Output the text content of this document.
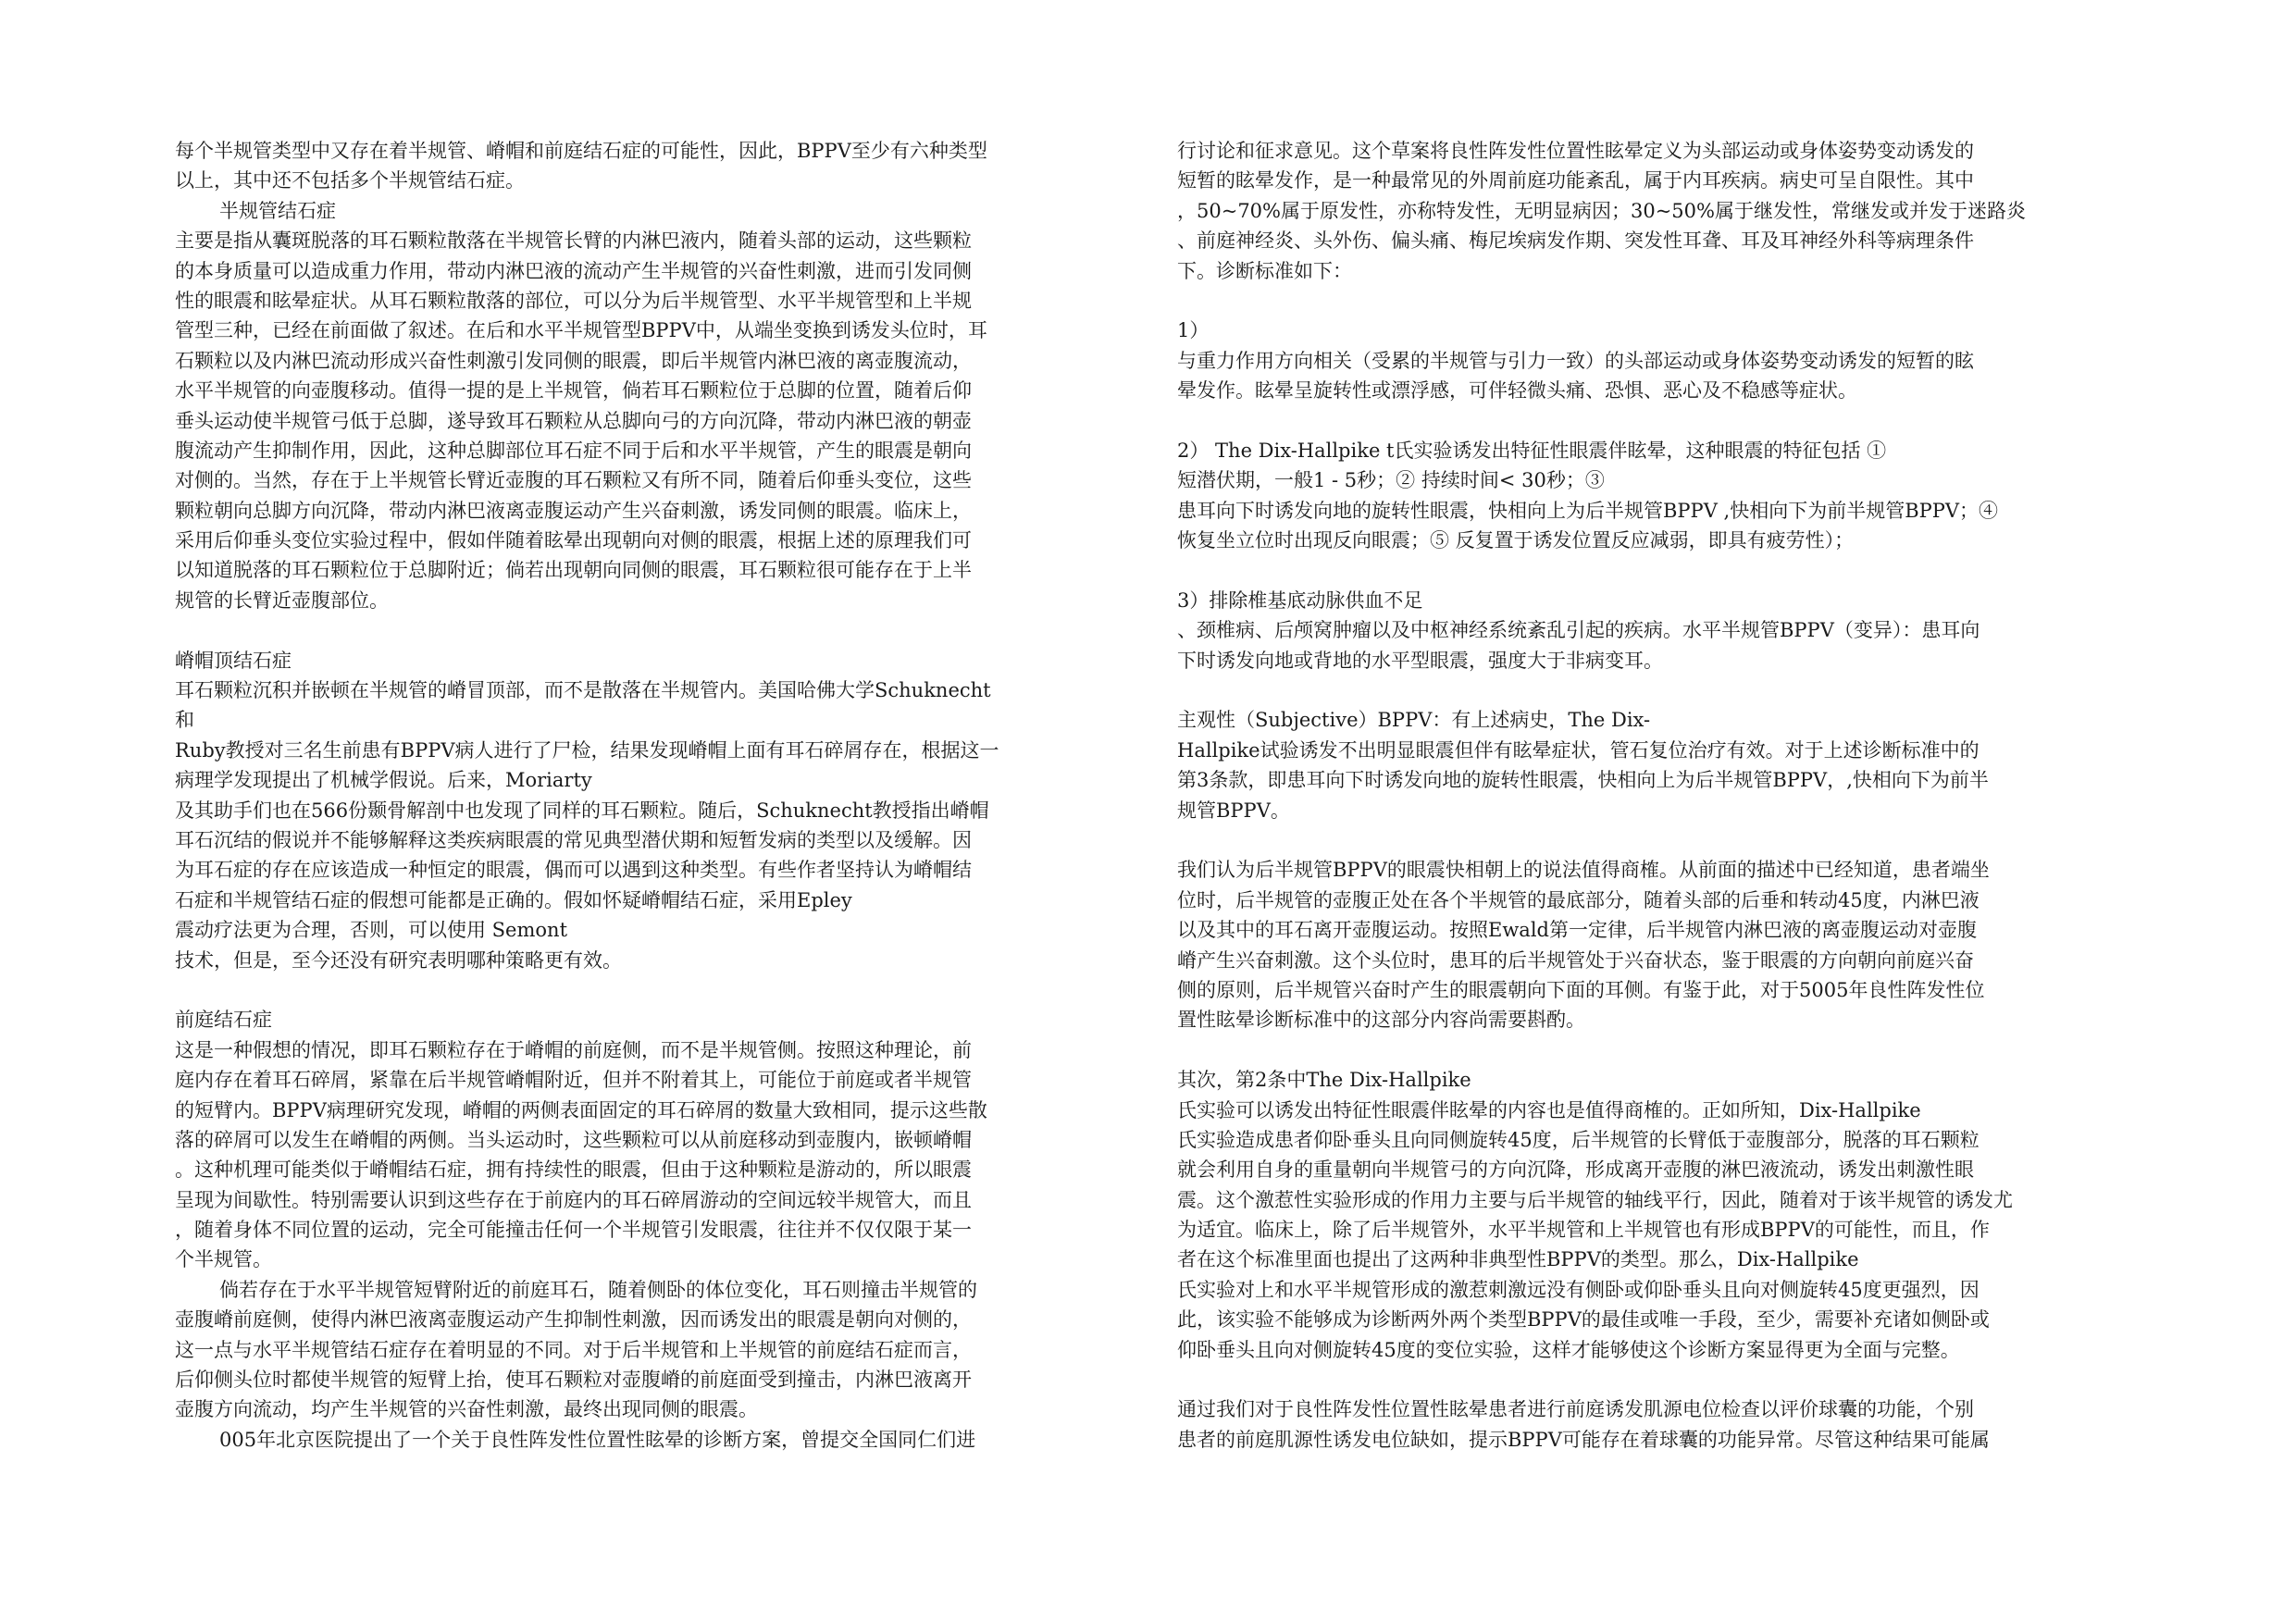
每个半规管类型中又存在着半规管、嵴帽和前庭结石症的可能性，因此，BPPV至少有六种类型
以上，其中还不包括多个半规管结石症。
半规管结石症
主要是指从囊斑脱落的耳石颗粒散落在半规管长臂的内淋巴液内，随着头部的运动，这些颗粒
的本身质量可以造成重力作用，带动内淋巴液的流动产生半规管的兴奋性刺激，进而引发同侧
性的眼震和眩晕症状。从耳石颗粒散落的部位，可以分为后半规管型、水平半规管型和上半规
管型三种，已经在前面做了叙述。在后和水平半规管型BPPV中，从端坐变换到诱发头位时，耳
石颗粒以及内淋巴流动形成兴奋性刺激引发同侧的眼震，即后半规管内淋巴液的离壶腹流动，
水平半规管的向壶腹移动。值得一提的是上半规管，倘若耳石颗粒位于总脚的位置，随着后仰
垂头运动使半规管弓低于总脚，遂导致耳石颗粒从总脚向弓的方向沉降，带动内淋巴液的朝壶
腹流动产生抑制作用，因此，这种总脚部位耳石症不同于后和水平半规管，产生的眼震是朝向
对侧的。当然，存在于上半规管长臂近壶腹的耳石颗粒又有所不同，随着后仰垂头变位，这些
颗粒朝向总脚方向沉降，带动内淋巴液离壶腹运动产生兴奋刺激，诱发同侧的眼震。临床上，
采用后仰垂头变位实验过程中，假如伴随着眩晕出现朝向对侧的眼震，根据上述的原理我们可
以知道脱落的耳石颗粒位于总脚附近；倘若出现朝向同侧的眼震，耳石颗粒很可能存在于上半
规管的长臂近壶腹部位。
嵴帽顶结石症
耳石颗粒沉积并嵌顿在半规管的嵴冒顶部，而不是散落在半规管内。美国哈佛大学Schuknecht
和
Ruby教授对三名生前患有BPPV病人进行了尸检，结果发现嵴帽上面有耳石碎屑存在，根据这一
病理学发现提出了机械学假说。后来，Moriarty
及其助手们也在566份颞骨解剖中也发现了同样的耳石颗粒。随后，Schuknecht教授指出嵴帽
耳石沉结的假说并不能够解释这类疾病眼震的常见典型潜伏期和短暂发病的类型以及缓解。因
为耳石症的存在应该造成一种恒定的眼震，偶而可以遇到这种类型。有些作者坚持认为嵴帽结
石症和半规管结石症的假想可能都是正确的。假如怀疑嵴帽结石症，采用Epley
震动疗法更为合理，否则，可以使用 Semont
技术，但是，至今还没有研究表明哪种策略更有效。
前庭结石症
这是一种假想的情况，即耳石颗粒存在于嵴帽的前庭侧，而不是半规管侧。按照这种理论，前
庭内存在着耳石碎屑，紧靠在后半规管嵴帽附近，但并不附着其上，可能位于前庭或者半规管
的短臂内。BPPV病理研究发现，嵴帽的两侧表面固定的耳石碎屑的数量大致相同，提示这些散
落的碎屑可以发生在嵴帽的两侧。当头运动时，这些颗粒可以从前庭移动到壶腹内，嵌顿嵴帽
。这种机理可能类似于嵴帽结石症，拥有持续性的眼震，但由于这种颗粒是游动的，所以眼震
呈现为间歇性。特别需要认识到这些存在于前庭内的耳石碎屑游动的空间远较半规管大，而且
，随着身体不同位置的运动，完全可能撞击任何一个半规管引发眼震，往往并不仅仅限于某一
个半规管。
倘若存在于水平半规管短臂附近的前庭耳石，随着侧卧的体位变化，耳石则撞击半规管的
壶腹嵴前庭侧，使得内淋巴液离壶腹运动产生抑制性刺激，因而诱发出的眼震是朝向对侧的，
这一点与水平半规管结石症存在着明显的不同。对于后半规管和上半规管的前庭结石症而言，
后仰侧头位时都使半规管的短臂上抬，使耳石颗粒对壶腹嵴的前庭面受到撞击，内淋巴液离开
壶腹方向流动，均产生半规管的兴奋性刺激，最终出现同侧的眼震。
005年北京医院提出了一个关于良性阵发性位置性眩晕的诊断方案，曾提交全国同仁们进
行讨论和征求意见。这个草案将良性阵发性位置性眩晕定义为头部运动或身体姿势变动诱发的
短暂的眩晕发作，是一种最常见的外周前庭功能紊乱，属于内耳疾病。病史可呈自限性。其中
，50~70%属于原发性，亦称特发性，无明显病因；30~50%属于继发性，常继发或并发于迷路炎
、前庭神经炎、头外伤、偏头痛、梅尼埃病发作期、突发性耳聋、耳及耳神经外科等病理条件
下。诊断标准如下：
1）
与重力作用方向相关（受累的半规管与引力一致）的头部运动或身体姿势变动诱发的短暂的眩
晕发作。眩晕呈旋转性或漂浮感，可伴轻微头痛、恐惧、恶心及不稳感等症状。
2） The Dix-Hallpike t氏实验诱发出特征性眼震伴眩晕，这种眼震的特征包括 ①
短潜伏期，一般1 - 5秒；② 持续时间< 30秒；③
患耳向下时诱发向地的旋转性眼震，快相向上为后半规管BPPV ,快相向下为前半规管BPPV；④
恢复坐立位时出现反向眼震；⑤ 反复置于诱发位置反应减弱，即具有疲劳性）；
3）排除椎基底动脉供血不足
、颈椎病、后颅窝肿瘤以及中枢神经系统紊乱引起的疾病。水平半规管BPPV（变异）：患耳向
下时诱发向地或背地的水平型眼震，强度大于非病变耳。
主观性（Subjective）BPPV：有上述病史，The Dix-
Hallpike试验诱发不出明显眼震但伴有眩晕症状，管石复位治疗有效。对于上述诊断标准中的
第3条款，即患耳向下时诱发向地的旋转性眼震，快相向上为后半规管BPPV，,快相向下为前半
规管BPPV。
我们认为后半规管BPPV的眼震快相朝上的说法值得商榷。从前面的描述中已经知道，患者端坐
位时，后半规管的壶腹正处在各个半规管的最底部分，随着头部的后垂和转动45度，内淋巴液
以及其中的耳石离开壶腹运动。按照Ewald第一定律，后半规管内淋巴液的离壶腹运动对壶腹
嵴产生兴奋刺激。这个头位时，患耳的后半规管处于兴奋状态，鉴于眼震的方向朝向前庭兴奋
侧的原则，后半规管兴奋时产生的眼震朝向下面的耳侧。有鉴于此，对于5005年良性阵发性位
置性眩晕诊断标准中的这部分内容尚需要斟酌。
其次，第2条中The Dix-Hallpike
氏实验可以诱发出特征性眼震伴眩晕的内容也是值得商榷的。正如所知，Dix-Hallpike
氏实验造成患者仰卧垂头且向同侧旋转45度，后半规管的长臂低于壶腹部分，脱落的耳石颗粒
就会利用自身的重量朝向半规管弓的方向沉降，形成离开壶腹的淋巴液流动，诱发出刺激性眼
震。这个激惹性实验形成的作用力主要与后半规管的轴线平行，因此，随着对于该半规管的诱发尤
为适宜。临床上，除了后半规管外，水平半规管和上半规管也有形成BPPV的可能性，而且，作
者在这个标准里面也提出了这两种非典型性BPPV的类型。那么，Dix-Hallpike
氏实验对上和水平半规管形成的激惹刺激远没有侧卧或仰卧垂头且向对侧旋转45度更强烈，因
此，该实验不能够成为诊断两外两个类型BPPV的最佳或唯一手段，至少，需要补充诸如侧卧或
仰卧垂头且向对侧旋转45度的变位实验，这样才能够使这个诊断方案显得更为全面与完整。
通过我们对于良性阵发性位置性眩晕患者进行前庭诱发肌源电位检查以评价球囊的功能，个别
患者的前庭肌源性诱发电位缺如，提示BPPV可能存在着球囊的功能异常。尽管这种结果可能属
